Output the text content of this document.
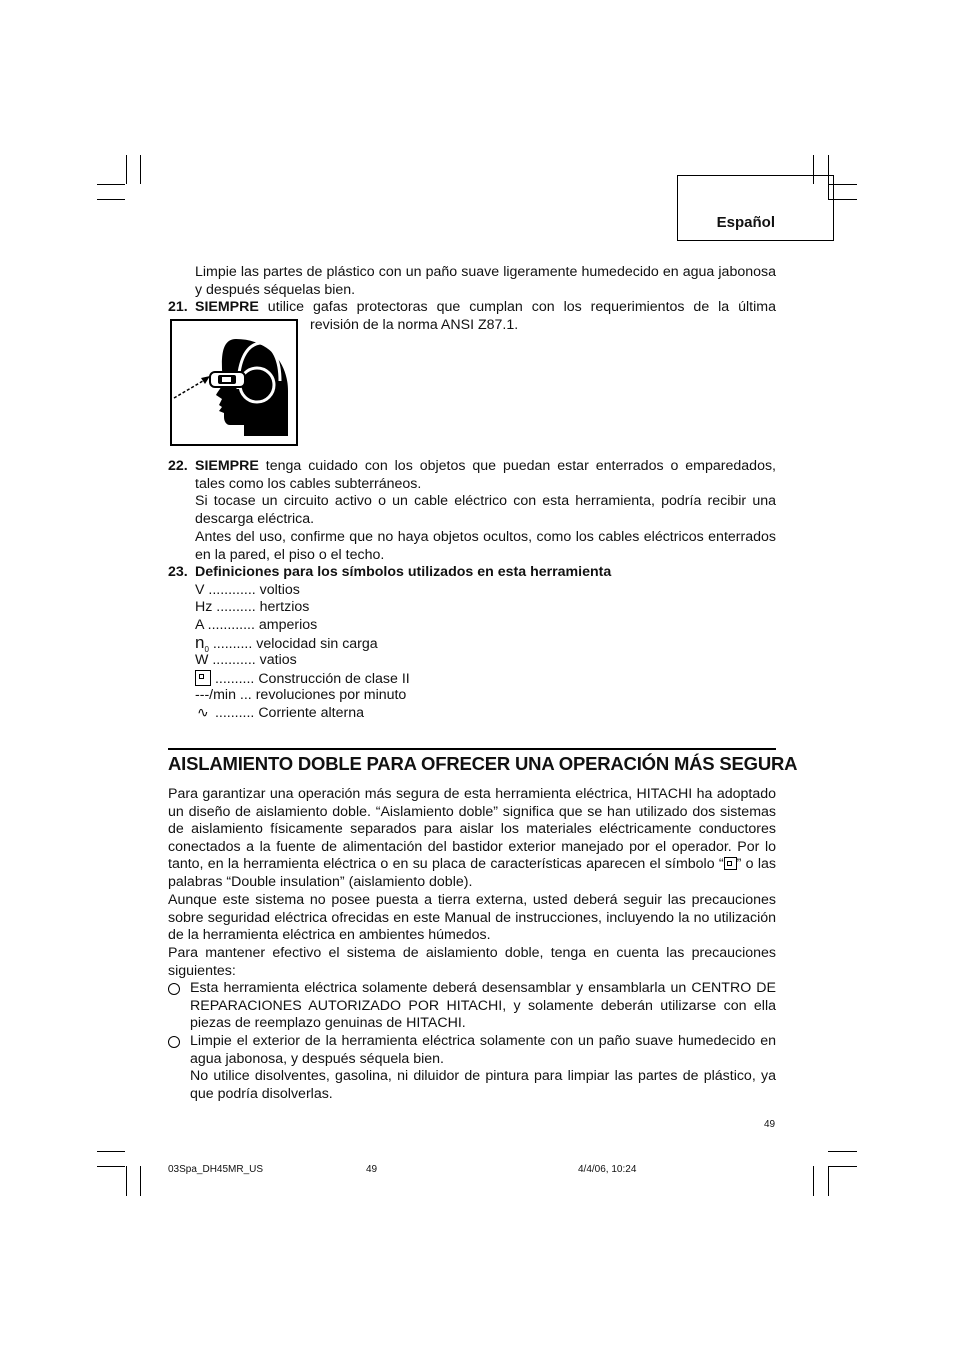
Español
Limpie las partes de plástico con un paño suave ligeramente humedecido en agua jabonosa y después séquelas bien.
21. SIEMPRE utilice gafas protectoras que cumplan con los requerimientos de la última
revisión de la norma ANSI Z87.1.
22. SIEMPRE tenga cuidado con los objetos que puedan estar enterrados o emparedados, tales como los cables subterráneos.
Si tocase un circuito activo o un cable eléctrico con esta herramienta, podría recibir una descarga eléctrica.
Antes del uso, confirme que no haya objetos ocultos, como los cables eléctricos enterrados en la pared, el piso o el techo.
23. Definiciones para los símbolos utilizados en esta herramienta
V ............ voltios
Hz .......... hertzios
A ............ amperios
$n_0$ .......... velocidad sin carga
W ........... vatios
.......... Construcción de clase II
---/min ... revoluciones por minuto
∿ .......... Corriente alterna
AISLAMIENTO DOBLE PARA OFRECER UNA OPERACIÓN MÁS SEGURA
Para garantizar una operación más segura de esta herramienta eléctrica, HITACHI ha adoptado un diseño de aislamiento doble. “Aislamiento doble” significa que se han utilizado dos sistemas de aislamiento físicamente separados para aislar los materiales eléctricamente conductores conectados a la fuente de alimentación del bastidor exterior manejado por el operador. Por lo tanto, en la herramienta eléctrica o en su placa de características aparecen el símbolo “ ” o las palabras “Double insulation” (aislamiento doble).
Aunque este sistema no posee puesta a tierra externa, usted deberá seguir las precauciones sobre seguridad eléctrica ofrecidas en este Manual de instrucciones, incluyendo la no utilización de la herramienta eléctrica en ambientes húmedos.
Para mantener efectivo el sistema de aislamiento doble, tenga en cuenta las precauciones siguientes:
Esta herramienta eléctrica solamente deberá desensamblar y ensamblarla un CENTRO DE REPARACIONES AUTORIZADO POR HITACHI, y solamente deberán utilizarse con ella piezas de reemplazo genuinas de HITACHI.
Limpie el exterior de la herramienta eléctrica solamente con un paño suave humedecido en agua jabonosa, y después séquela bien.
No utilice disolventes, gasolina, ni diluidor de pintura para limpiar las partes de plástico, ya que podría disolverlas.
49
03Spa_DH45MR_US	49	4/4/06, 10:24
